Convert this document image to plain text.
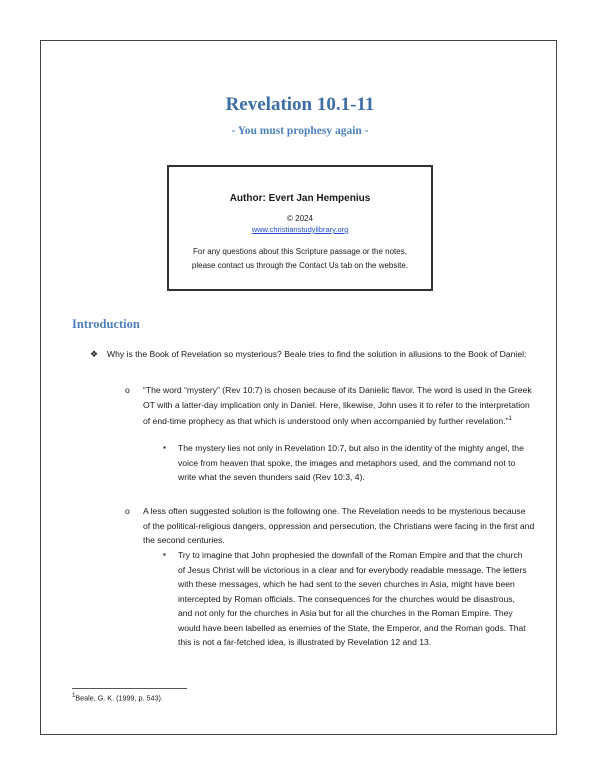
Revelation 10.1-11
- You must prophesy again -
Author: Evert Jan Hempenius
© 2024
www.christianstudylibrary.org
For any questions about this Scripture passage or the notes,
please contact us through the Contact Us tab on the website.
Introduction
❖ Why is the Book of Revelation so mysterious? Beale tries to find the solution in allusions to the Book of Daniel:

o “The word “mystery” (Rev 10:7) is chosen because of its Danielic flavor. The word is used in the Greek OT with a latter-day implication only in Daniel. Here, likewise, John uses it to refer to the interpretation of end-time prophecy as that which is understood only when accompanied by further revelation.”$^1$

▪ The mystery lies not only in Revelation 10:7, but also in the identity of the mighty angel, the voice from heaven that spoke, the images and metaphors used, and the command not to write what the seven thunders said (Rev 10:3, 4).

o A less often suggested solution is the following one. The Revelation needs to be mysterious because of the political-religious dangers, oppression and persecution, the Christians were facing in the first and the second centuries.

▪ Try to imagine that John prophesied the downfall of the Roman Empire and that the church of Jesus Christ will be victorious in a clear and for everybody readable message. The letters with these messages, which he had sent to the seven churches in Asia, might have been intercepted by Roman officials. The consequences for the churches would be disastrous, and not only for the churches in Asia but for all the churches in the Roman Empire. They would have been labelled as enemies of the State, the Emperor, and the Roman gods. That this is not a far-fetched idea, is illustrated by Revelation 12 and 13.

$^1$Beale, G. K. (1999, p. 543).
